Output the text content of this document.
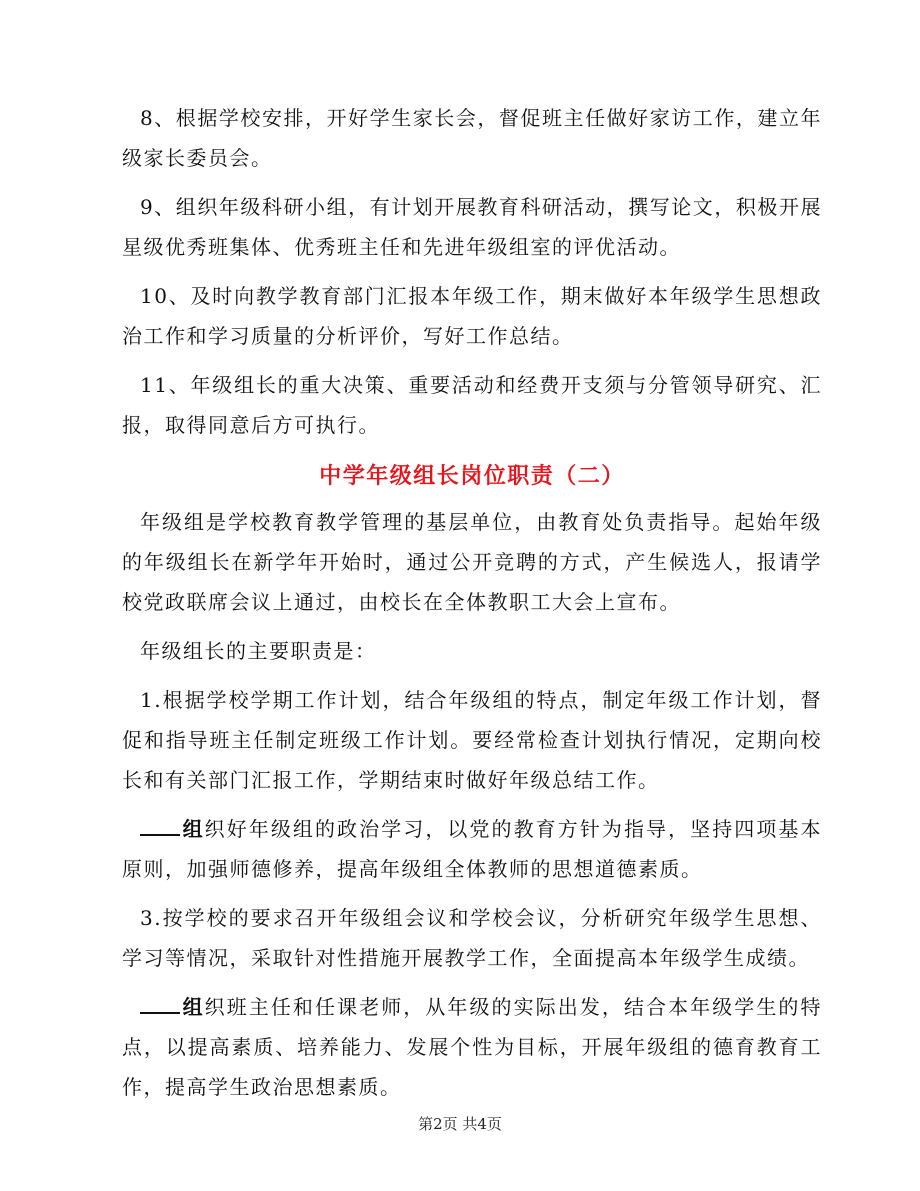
8、根据学校安排，开好学生家长会，督促班主任做好家访工作，建立年级家长委员会。

9、组织年级科研小组，有计划开展教育科研活动，撰写论文，积极开展星级优秀班集体、优秀班主任和先进年级组室的评优活动。

10、及时向教学教育部门汇报本年级工作，期末做好本年级学生思想政治工作和学习质量的分析评价，写好工作总结。

11、年级组长的重大决策、重要活动和经费开支须与分管领导研究、汇报，取得同意后方可执行。

中学年级组长岗位职责（二）

年级组是学校教育教学管理的基层单位，由教育处负责指导。起始年级的年级组长在新学年开始时，通过公开竞聘的方式，产生候选人，报请学校党政联席会议上通过，由校长在全体教职工大会上宣布。

年级组长的主要职责是：

1.根据学校学期工作计划，结合年级组的特点，制定年级工作计划，督促和指导班主任制定班级工作计划。要经常检查计划执行情况，定期向校长和有关部门汇报工作，学期结束时做好年级总结工作。

组织好年级组的政治学习，以党的教育方针为指导，坚持四项基本原则，加强师德修养，提高年级组全体教师的思想道德素质。

3.按学校的要求召开年级组会议和学校会议，分析研究年级学生思想、学习等情况，采取针对性措施开展教学工作，全面提高本年级学生成绩。

组织班主任和任课老师，从年级的实际出发，结合本年级学生的特点，以提高素质、培养能力、发展个性为目标，开展年级组的德育教育工作，提高学生政治思想素质。

第2页 共4页
